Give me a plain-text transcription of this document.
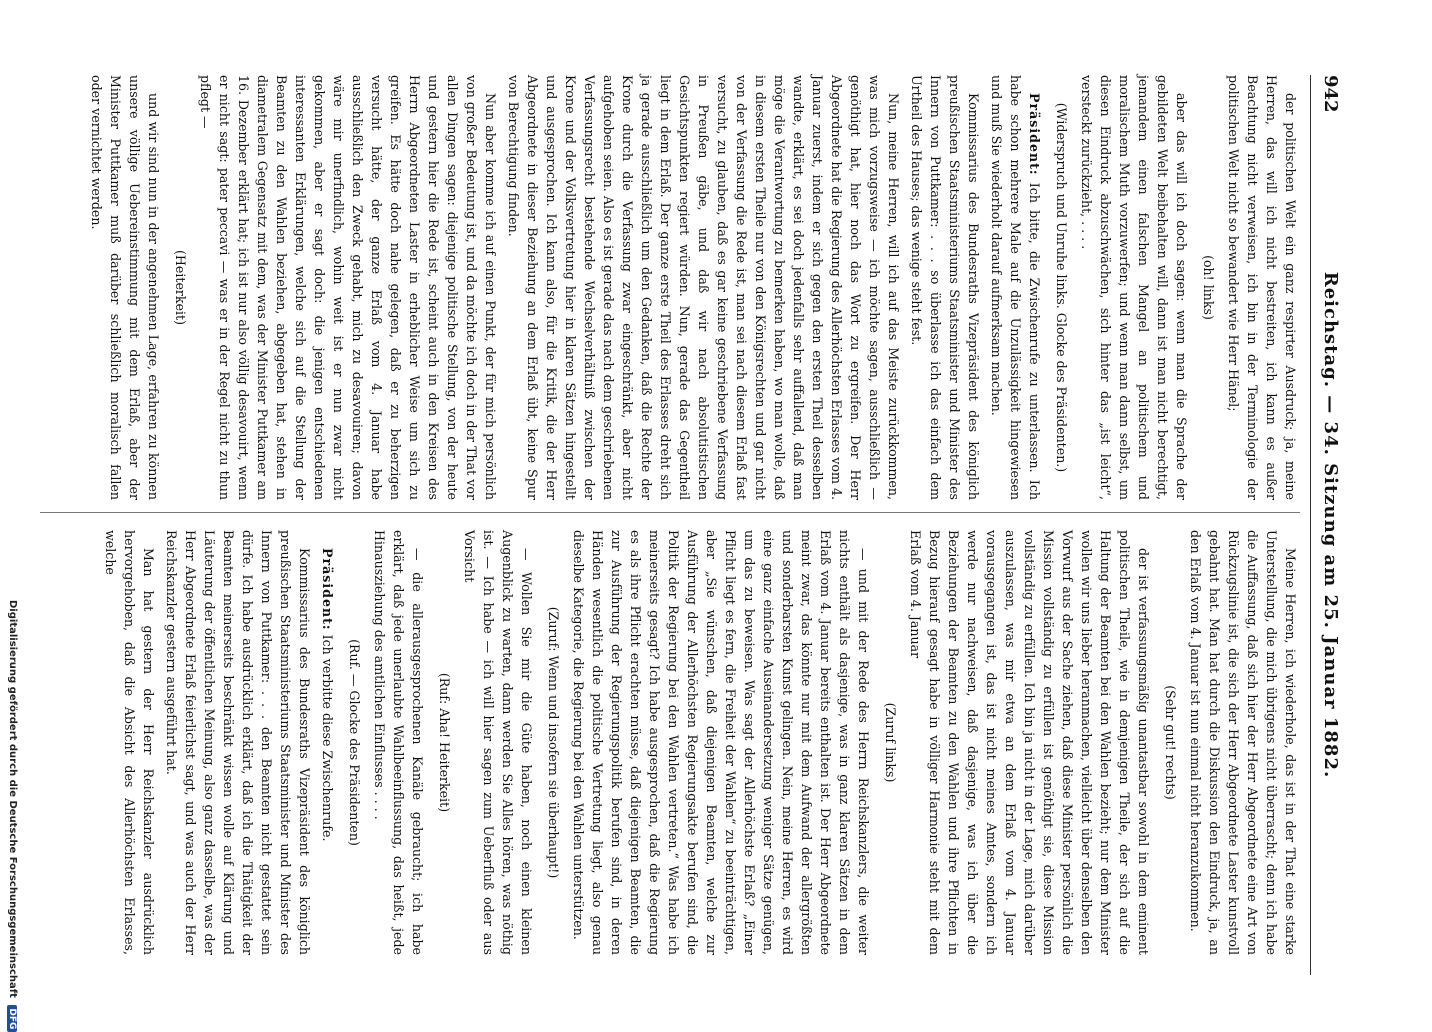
942
Reichstag. — 34. Sitzung am 25. Januar 1882.

der politischen Welt ein ganz respirter Ausdruck; ja, meine Herren, das will ich nicht bestreiten, ich kann es außer Beachtung nicht verweisen, ich bin in der Terminologie der politischen Welt nicht so bewandert wie Herr Hänel;

(oh! links)

aber das will ich doch sagen: wenn man die Sprache der gebildeten Welt beibehalten will, dann ist man nicht berechtigt, jemandem einen falschen Mangel an politischem und moralischem Muth vorzuwerfen; und wenn man dann selbst, um diesen Eindruck abzuschwächen, sich hinter das „ist leicht“, versteckt zurückzieht, . . . .

(Widerspruch und Unruhe links. Glocke des Präsidenten.)

Präsident: Ich bitte, die Zwischenrufe zu unterlassen. Ich habe schon mehrere Male auf die Unzulässigkeit hingewiesen und muß Sie wiederholt darauf aufmerksam machen.

Kommissarius des Bundesraths Vizepräsident des königlich preußischen Staatsministeriums Staatsminister und Minister des Innern von Puttkamer: . . . so überlasse ich das einfach dem Urtheil des Hauses; das wenige steht fest.

Nun, meine Herren, will ich auf das Meiste zurückkommen, was mich vorzugsweise — ich möchte sagen, ausschließlich — genöthigt hat, hier noch das Wort zu ergreifen. Der Herr Abgeordnete hat die Regierung des Allerhöchsten Erlasses vom 4. Januar zuerst, indem er sich gegen den ersten Theil desselben wandte, erklärt, es sei doch jedenfalls sehr auffallend, daß man möge die Verantwortung zu bemerken haben, wo man wolle, daß in diesem ersten Theile nur von den Königsrechten und gar nicht von der Verfassung die Rede ist, man sei nach diesem Erlaß fast versucht, zu glauben, daß es gar keine geschriebene Verfassung in Preußen gäbe, und daß wir nach absolutistischen Gesichtspunkten regiert würden. Nun, gerade das Gegentheil liegt in dem Erlaß. Der ganze erste Theil des Erlasses dreht sich ja gerade ausschließlich um den Gedanken, daß die Rechte der Krone durch die Verfassung zwar eingeschränkt, aber nicht aufgehoben seien. Also es ist gerade das nach dem geschriebenen Verfassungsrecht bestehende Wechselverhältniß zwischen der Krone und der Volksvertretung hier in klaren Sätzen hingestellt und ausgesprochen. Ich kann also, für die Kritik, die der Herr Abgeordnete in dieser Beziehung an dem Erlaß übt, keine Spur von Berechtigung finden.

Nun aber komme ich auf einen Punkt, der für mich persönlich von großer Bedeutung ist, und da möchte ich doch in der That vor allen Dingen sagen: diejenige politische Stellung, von der heute und gestern hier die Rede ist, scheint auch in den Kreisen des Herrn Abgeordneten Laster in erheblicher Weise um sich zu greifen. Es hätte doch nahe gelegen, daß er zu beherzigen versucht hätte, der ganze Erlaß vom 4. Januar habe ausschließlich den Zweck gehabt, mich zu desavouiren; davon wäre mir unerfindlich, wohin weit ist er nun zwar nicht gekommen, aber er sagt doch: die jenigen entschiedenen interessanten Erklärungen, welche sich auf die Stellung der Beamten zu den Wahlen beziehen, abgegeben hat, stehen in diametralem Gegensatz mit dem, was der Minister Puttkamer am 16. Dezember erklärt hat; ich ist nur also völlig desavouirt, wenn er nicht sagt: pater peccavi — was er in der Regel nicht zu thun pflegt —

(Heiterkeit)

und wir sind nun in der angenehmen Lage, erfahren zu können unsere völlige Uebereinstimmung mit dem Erlaß, aber der Minister Puttkamer muß darüber schließlich moralisch fallen oder vernichtet werden.

Meine Herren, ich wiederhole, das ist in der That eine starke Unterstellung, die mich übrigens nicht überrascht; denn ich habe die Auffassung, daß sich hier der Herr Abgeordnete eine Art von Rückzugslinie ist, die sich der Herr Abgeordnete Laster kunstvoll gebahnt hat. Man hat durch die Diskussion den Eindruck, ja, an den Erlaß vom 4. Januar ist nun einmal nicht heranzukommen.

(Sehr gut! rechts)

der ist verfassungsmäßig unantastbar sowohl in dem eminent politischen Theile, wie in demjenigen Theile, der sich auf die Haltung der Beamten bei den Wahlen bezieht; nur dem Minister wollen wir uns lieber heranmachen, vielleicht über denselben den Vorwurf aus der Sache ziehen, daß diese Minister persönlich die Mission vollständig zu erfüllen ist genöthigt sie, diese Mission vollständig zu erfüllen. Ich bin ja nicht in der Lage, mich darüber auszulassen, was mir etwa an dem Erlaß vom 4. Januar vorausgegangen ist, das ist nicht meines Amtes, sondern ich werde nur nachweisen, daß dasjenige, was ich über die Beziehungen der Beamten zu den Wahlen und ihre Pflichten in Bezug hierauf gesagt habe in völliger Harmonie steht mit dem Erlaß vom 4. Januar

(Zuruf links)

— und mit der Rede des Herrn Reichskanzlers, die weiter nichts enthält als dasjenige, was in ganz klaren Sätzen in dem Erlaß vom 4. Januar bereits enthalten ist. Der Herr Abgeordnete meint zwar, das könnte nur mit dem Aufwand der allergrößten und sonderbarsten Kunst gelingen. Nein, meine Herren, es wird eine ganz einfache Auseinandersetzung weniger Sätze genügen, um das zu beweisen. Was sagt der Allerhöchste Erlaß? „Einer Pflicht liegt es fern, die Freiheit der Wahlen“ zu beeinträchtigen, aber „Sie wünschen, daß diejenigen Beamten, welche zur Ausführung der Allerhöchsten Regierungsakte berufen sind, die Politik der Regierung bei den Wahlen vertreten.“ Was habe ich meinerseits gesagt? Ich habe ausgesprochen, daß die Regierung es als ihre Pflicht erachten müsse, daß diejenigen Beamten, die zur Ausführung der Regierungspolitik berufen sind, in deren Händen wesentlich die politische Vertretung liegt, also genau dieselbe Kategorie, die Regierung bei den Wahlen unterstützen.

(Zuruf: Wenn und insofern sie überhaupt!)

— Wollen Sie mir die Güte haben, noch einen kleinen Augenblick zu warten, dann werden Sie Alles hören, was nöthig ist. — Ich habe — ich will hier sagen zum Ueberfluß oder aus Vorsicht

(Ruf: Aha! Heiterkeit)

— die allerausgesprochenen Kanäle gebraucht; ich habe erklärt, daß jede unerlaubte Wahlbeeinflussung, das heißt, jede Hinausziehung des amtlichen Einflusses . . . .

(Ruf. — Glocke des Präsidenten)

Präsident: Ich verbitte diese Zwischenrufe.

Kommissarius des Bundesraths Vizepräsident des königlich preußischen Staatsministeriums Staatsminister und Minister des Innern von Puttkamer: . . . den Beamten nicht gestattet sein dürfe. Ich habe ausdrücklich erklärt, daß ich die Thätigkeit der Beamten meinerseits beschränkt wissen wolle auf Klärung und Läuterung der öffentlichen Meinung, also ganz dasselbe, was der Herr Abgeordnete Erlaß feierlichst sagt, und was auch der Herr Reichskanzler gestern ausgeführt hat.

Man hat gestern der Herr Reichskanzler ausdrücklich hervorgehoben, daß die Absicht des Allerhöchsten Erlasses, welche

Digitalisierung gefördert durch die Deutsche Forschungsgemeinschaft DFG
